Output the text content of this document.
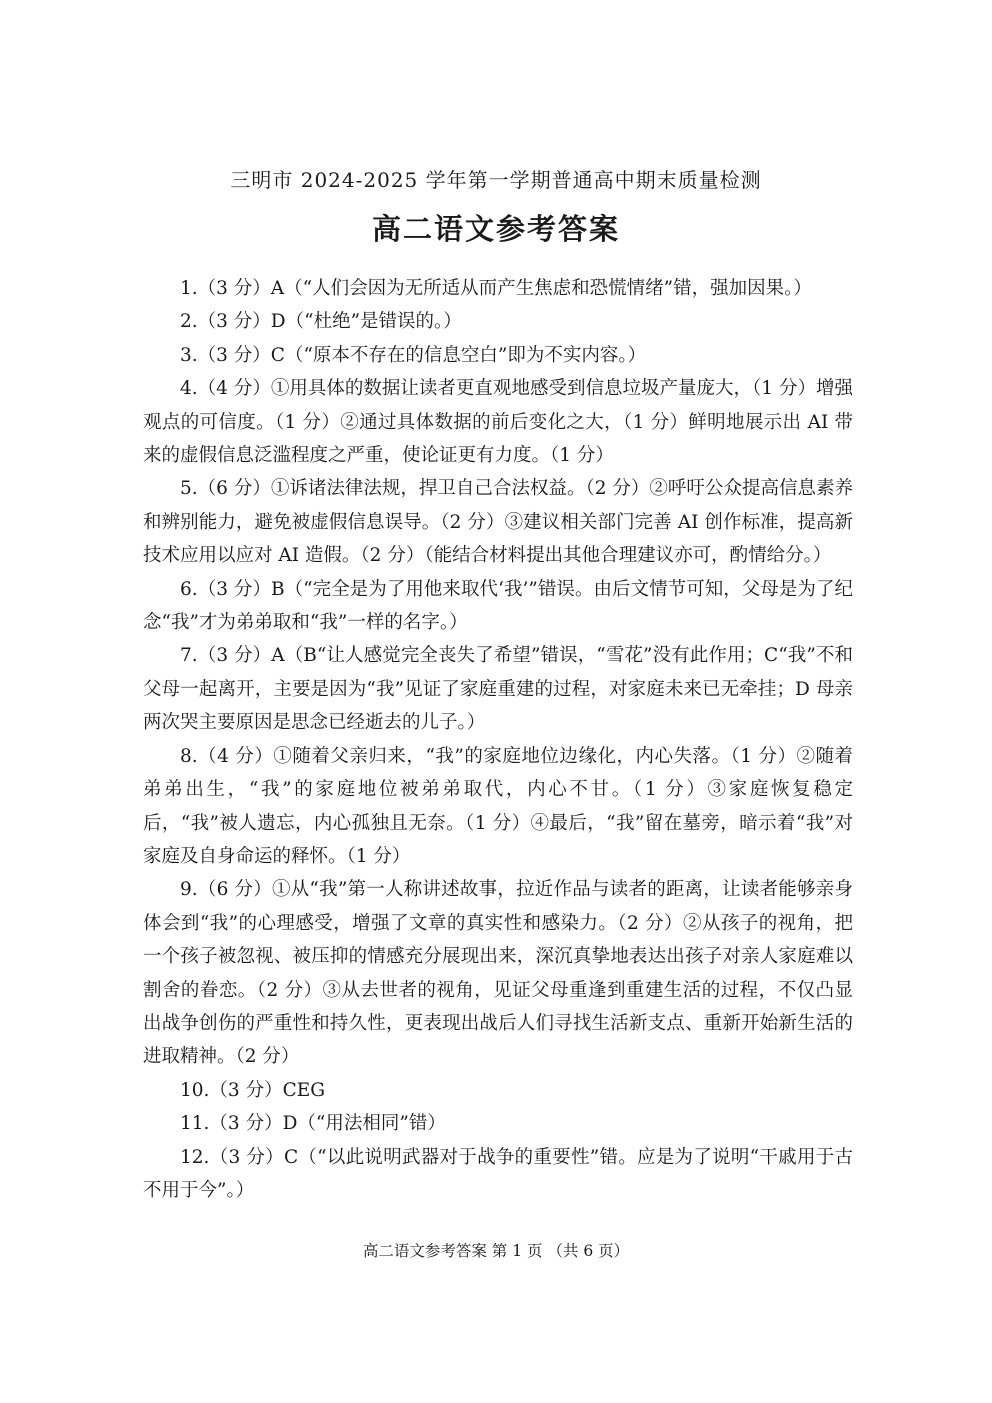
三明市 2024-2025 学年第一学期普通高中期末质量检测
高二语文参考答案

1.（3 分）A（“人们会因为无所适从而产生焦虑和恐慌情绪”错，强加因果。）

2.（3 分）D（“杜绝”是错误的。）

3.（3 分）C（“原本不存在的信息空白”即为不实内容。）

4.（4 分）①用具体的数据让读者更直观地感受到信息垃圾产量庞大，（1 分）增强观点的可信度。（1 分）②通过具体数据的前后变化之大，（1 分）鲜明地展示出 AI 带来的虚假信息泛滥程度之严重，使论证更有力度。（1 分）

5.（6 分）①诉诸法律法规，捍卫自己合法权益。（2 分）②呼吁公众提高信息素养和辨别能力，避免被虚假信息误导。（2 分）③建议相关部门完善 AI 创作标准，提高新技术应用以应对 AI 造假。（2 分）（能结合材料提出其他合理建议亦可，酌情给分。）

6.（3 分）B（“完全是为了用他来取代‘我’”错误。由后文情节可知，父母是为了纪念“我”才为弟弟取和“我”一样的名字。）

7.（3 分）A（B“让人感觉完全丧失了希望”错误，“雪花”没有此作用；C“我”不和父母一起离开，主要是因为“我”见证了家庭重建的过程，对家庭未来已无牵挂；D 母亲两次哭主要原因是思念已经逝去的儿子。）

8.（4 分）①随着父亲归来，“我”的家庭地位边缘化，内心失落。（1 分）②随着弟弟出生，“我”的家庭地位被弟弟取代，内心不甘。（1 分）③家庭恢复稳定后，“我”被人遗忘，内心孤独且无奈。（1 分）④最后，“我”留在墓旁，暗示着“我”对家庭及自身命运的释怀。（1 分）

9.（6 分）①从“我”第一人称讲述故事，拉近作品与读者的距离，让读者能够亲身体会到“我”的心理感受，增强了文章的真实性和感染力。（2 分）②从孩子的视角，把一个孩子被忽视、被压抑的情感充分展现出来，深沉真挚地表达出孩子对亲人家庭难以割舍的眷恋。（2 分）③从去世者的视角，见证父母重逢到重建生活的过程，不仅凸显出战争创伤的严重性和持久性，更表现出战后人们寻找生活新支点、重新开始新生活的进取精神。（2 分）

10.（3 分）CEG

11.（3 分）D（“用法相同”错）

12.（3 分）C（“以此说明武器对于战争的重要性”错。应是为了说明“干戚用于古不用于今”。）

高二语文参考答案 第 1 页 （共 6 页）
